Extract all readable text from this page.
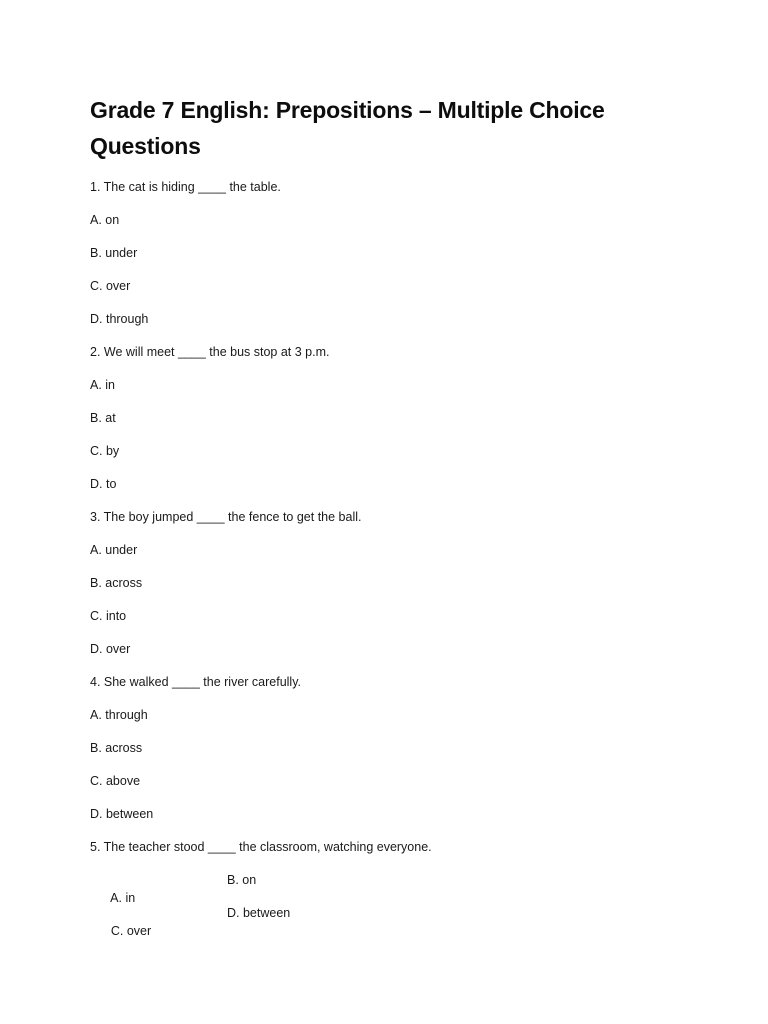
Grade 7 English: Prepositions – Multiple Choice Questions
1. The cat is hiding ____ the table.
A. on
B. under
C. over
D. through
2. We will meet ____ the bus stop at 3 p.m.
A. in
B. at
C. by
D. to
3. The boy jumped ____ the fence to get the ball.
A. under
B. across
C. into
D. over
4. She walked ____ the river carefully.
A. through
B. across
C. above
D. between
5. The teacher stood ____ the classroom, watching everyone.

A. in

B. on

C. over

D. between
